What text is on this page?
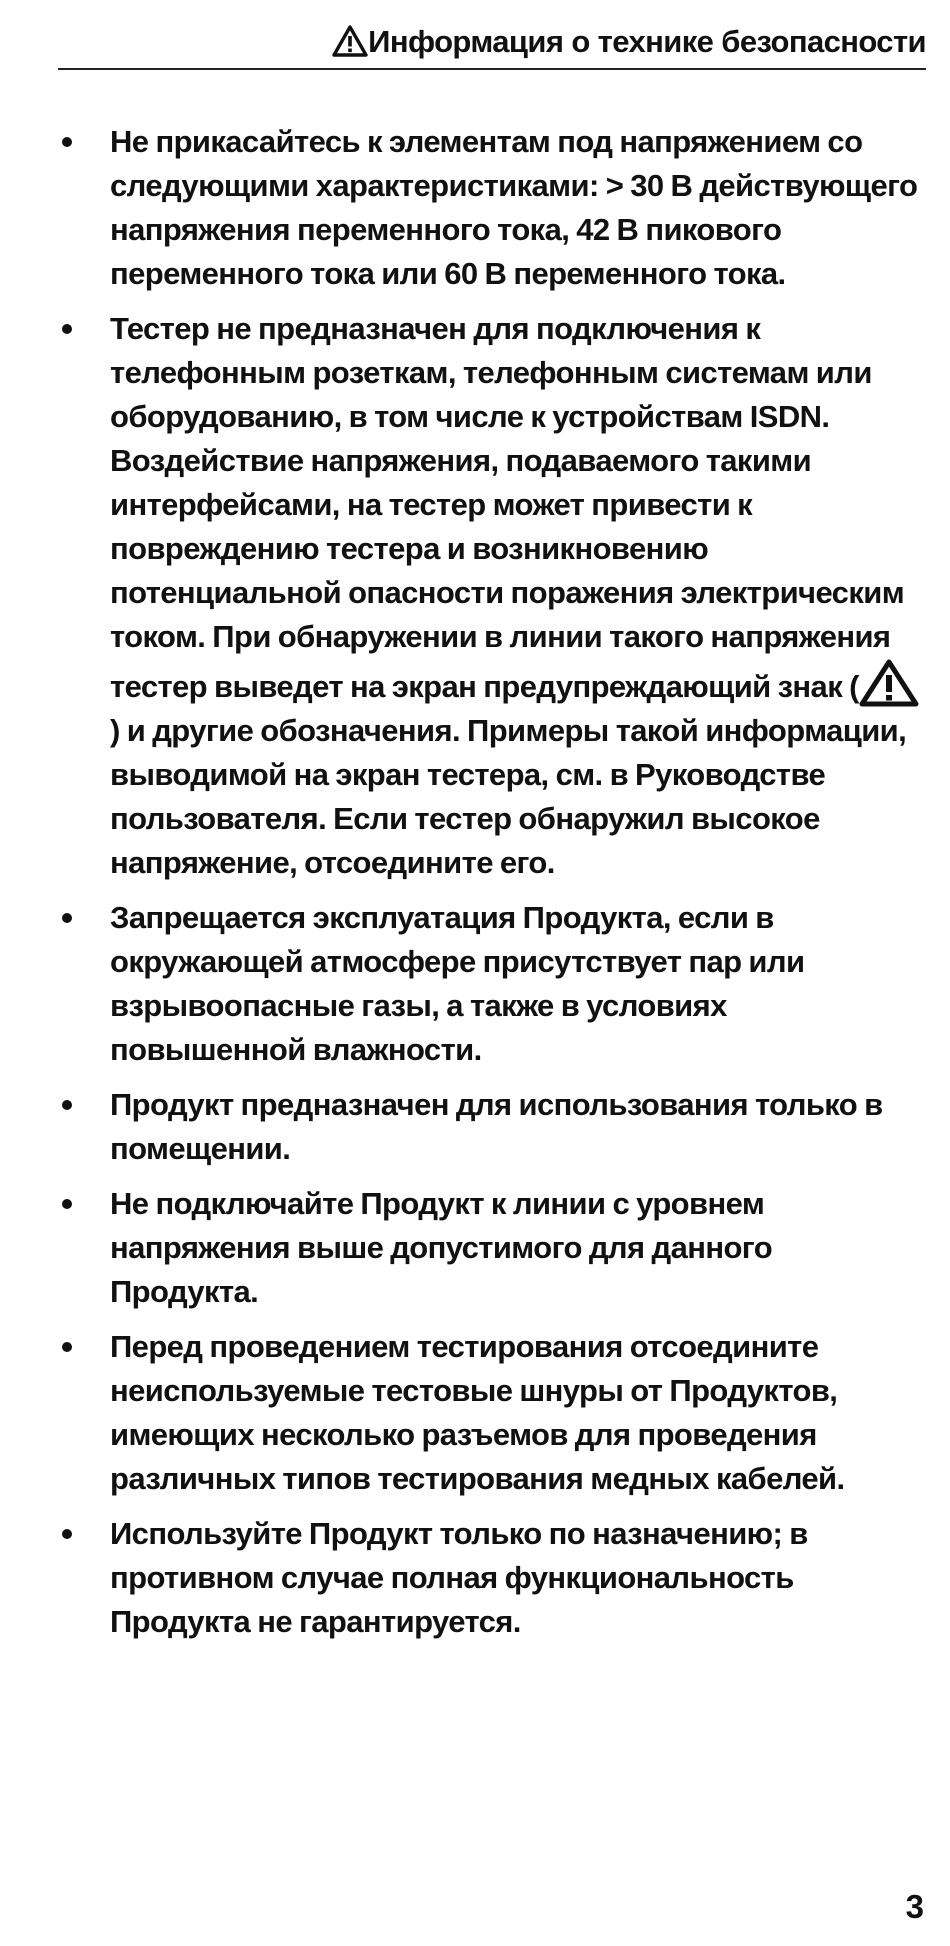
Информация о технике безопасности
Не прикасайтесь к элементам под напряжением со следующими характеристиками: > 30 В действующего напряжения переменного тока, 42 В пикового переменного тока или 60 В переменного тока.
Тестер не предназначен для подключения к телефонным розеткам, телефонным системам или оборудованию, в том числе к устройствам ISDN. Воздействие напряжения, подаваемого такими интерфейсами, на тестер может привести к повреждению тестера и возникновению потенциальной опасности поражения электрическим током. При обнаружении в линии такого напряжения тестер выведет на экран предупреждающий знак () и другие обозначения. Примеры такой информации, выводимой на экран тестера, см. в Руководстве пользователя. Если тестер обнаружил высокое напряжение, отсоедините его.
Запрещается эксплуатация Продукта, если в окружающей атмосфере присутствует пар или взрывоопасные газы, а также в условиях повышенной влажности.
Продукт предназначен для использования только в помещении.
Не подключайте Продукт к линии с уровнем напряжения выше допустимого для данного Продукта.
Перед проведением тестирования отсоедините неиспользуемые тестовые шнуры от Продуктов, имеющих несколько разъемов для проведения различных типов тестирования медных кабелей.
Используйте Продукт только по назначению; в противном случае полная функциональность Продукта не гарантируется.
3
